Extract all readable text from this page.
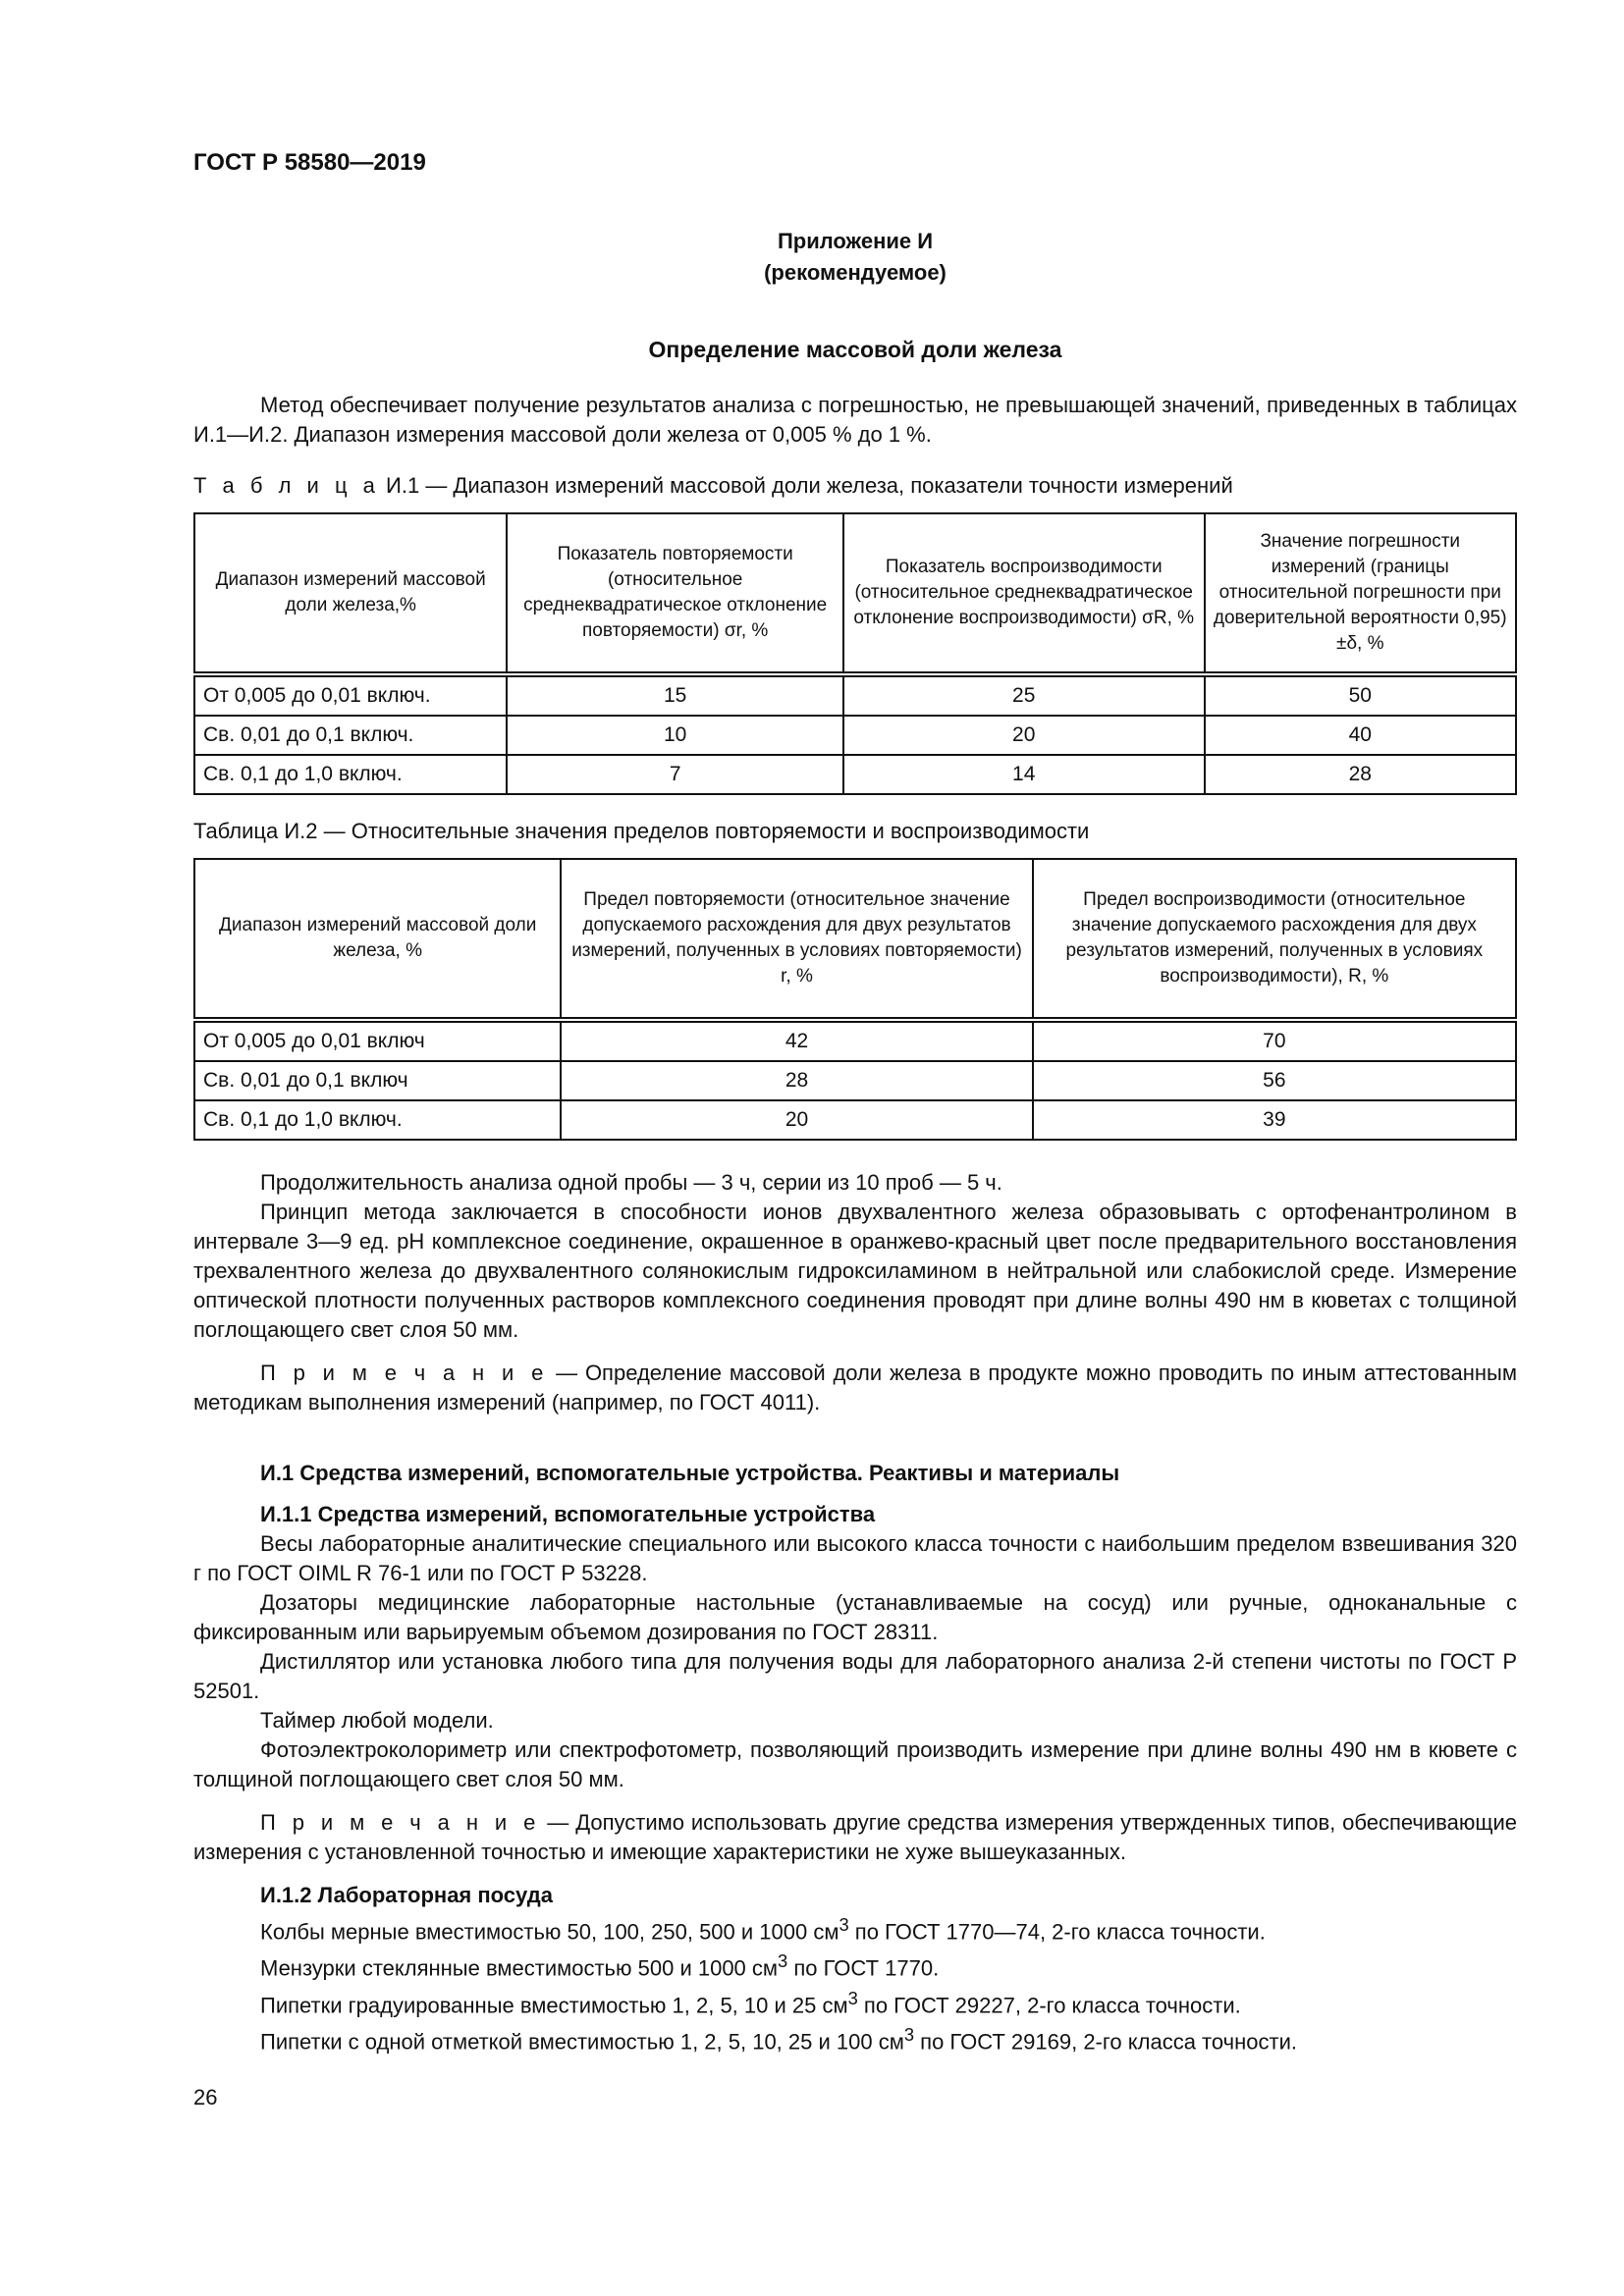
ГОСТ Р 58580—2019
Приложение И
(рекомендуемое)
Определение массовой доли железа

Метод обеспечивает получение результатов анализа с погрешностью, не превышающей значений, приведенных в таблицах И.1—И.2. Диапазон измерения массовой доли железа от 0,005 % до 1 %.

Т а б л и ц а И.1 — Диапазон измерений массовой доли железа, показатели точности измерений

Диапазон измерений массовой доли железа,%	Показатель повторяемости (относительное среднеквадратическое отклонение повторяемости) σr, %	Показатель воспроизводимости (относительное среднеквадратическое отклонение воспроизводимости) σR, %	Значение погрешности измерений (границы относительной погрешности при доверительной вероятности 0,95) ±δ, %
От 0,005 до 0,01 включ.	15	25	50
Св. 0,01 до 0,1 включ.	10	20	40
Св. 0,1 до 1,0 включ.	7	14	28

Таблица И.2 — Относительные значения пределов повторяемости и воспроизводимости

Диапазон измерений массовой доли железа, %	Предел повторяемости (относительное значение допускаемого расхождения для двух результатов измерений, полученных в условиях повторяемости) r, %	Предел воспроизводимости (относительное значение допускаемого расхождения для двух результатов измерений, полученных в условиях воспроизводимости), R, %
От 0,005 до 0,01 включ	42	70
Св. 0,01 до 0,1 включ	28	56
Св. 0,1 до 1,0 включ.	20	39

Продолжительность анализа одной пробы — 3 ч, серии из 10 проб — 5 ч.

Принцип метода заключается в способности ионов двухвалентного железа образовывать с ортофенантролином в интервале 3—9 ед. pH комплексное соединение, окрашенное в оранжево-красный цвет после предварительного восстановления трехвалентного железа до двухвалентного солянокислым гидроксиламином в нейтральной или слабокислой среде. Измерение оптической плотности полученных растворов комплексного соединения проводят при длине волны 490 нм в кюветах с толщиной поглощающего свет слоя 50 мм.

П р и м е ч а н и е — Определение массовой доли железа в продукте можно проводить по иным аттестованным методикам выполнения измерений (например, по ГОСТ 4011).

И.1 Средства измерений, вспомогательные устройства. Реактивы и материалы
И.1.1 Средства измерений, вспомогательные устройства

Весы лабораторные аналитические специального или высокого класса точности с наибольшим пределом взвешивания 320 г по ГОСТ OIML R 76-1 или по ГОСТ Р 53228.

Дозаторы медицинские лабораторные настольные (устанавливаемые на сосуд) или ручные, одноканальные с фиксированным или варьируемым объемом дозирования по ГОСТ 28311.

Дистиллятор или установка любого типа для получения воды для лабораторного анализа 2-й степени чистоты по ГОСТ Р 52501.

Таймер любой модели.

Фотоэлектроколориметр или спектрофотометр, позволяющий производить измерение при длине волны 490 нм в кювете с толщиной поглощающего свет слоя 50 мм.

П р и м е ч а н и е — Допустимо использовать другие средства измерения утвержденных типов, обеспечивающие измерения с установленной точностью и имеющие характеристики не хуже вышеуказанных.

И.1.2 Лабораторная посуда

Колбы мерные вместимостью 50, 100, 250, 500 и 1000 $см^3$ по ГОСТ 1770—74, 2-го класса точности.

Мензурки стеклянные вместимостью 500 и 1000 $см^3$ по ГОСТ 1770.

Пипетки градуированные вместимостью 1, 2, 5, 10 и 25 $см^3$ по ГОСТ 29227, 2-го класса точности.

Пипетки с одной отметкой вместимостью 1, 2, 5, 10, 25 и 100 $см^3$ по ГОСТ 29169, 2-го класса точности.

26
